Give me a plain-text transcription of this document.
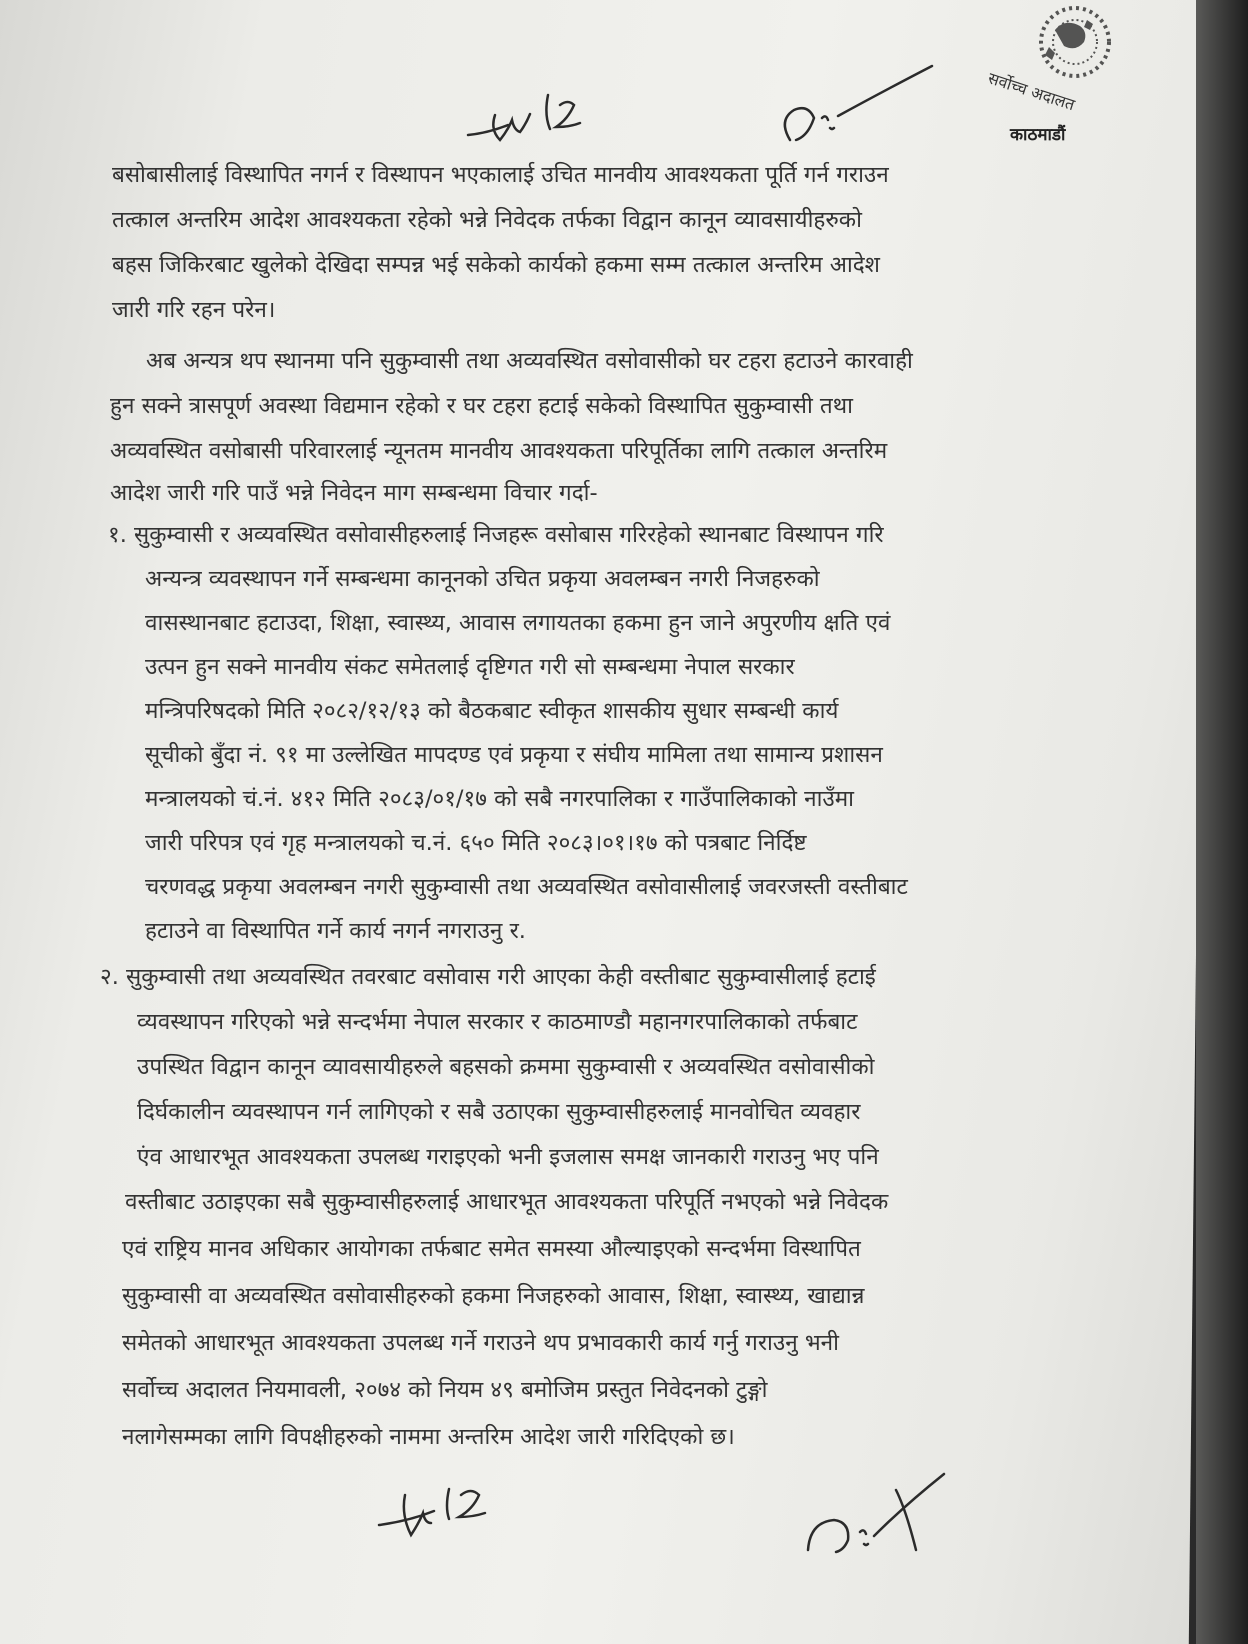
सर्वोच्च अदालत
काठमाडौं
बसोबासीलाई विस्थापित नगर्न र विस्थापन भएकालाई उचित मानवीय आवश्यकता पूर्ति गर्न गराउन
तत्काल अन्तरिम आदेश आवश्यकता रहेको भन्ने निवेदक तर्फका विद्वान कानून व्यावसायीहरुको
बहस जिकिरबाट खुलेको देखिदा सम्पन्न भई सकेको कार्यको हकमा सम्म तत्काल अन्तरिम आदेश
जारी गरि रहन परेन।
अब अन्यत्र थप स्थानमा पनि सुकुम्वासी तथा अव्यवस्थित वसोवासीको घर टहरा हटाउने कारवाही
हुन सक्ने त्रासपूर्ण अवस्था विद्यमान रहेको र घर टहरा हटाई सकेको विस्थापित सुकुम्वासी तथा
अव्यवस्थित वसोबासी परिवारलाई न्यूनतम मानवीय आवश्यकता परिपूर्तिका लागि तत्काल अन्तरिम
आदेश जारी गरि पाउँ भन्ने निवेदन माग सम्बन्धमा विचार गर्दा-
१. सुकुम्वासी र अव्यवस्थित वसोवासीहरुलाई निजहरू वसोबास गरिरहेको स्थानबाट विस्थापन गरि
अन्यन्त्र व्यवस्थापन गर्ने सम्बन्धमा कानूनको उचित प्रकृया अवलम्बन नगरी निजहरुको
वासस्थानबाट हटाउदा, शिक्षा, स्वास्थ्य, आवास लगायतका हकमा हुन जाने अपुरणीय क्षति एवं
उत्पन हुन सक्ने मानवीय संकट समेतलाई दृष्टिगत गरी सो सम्बन्धमा नेपाल सरकार
मन्त्रिपरिषदको मिति २०८२/१२/१३ को बैठकबाट स्वीकृत शासकीय सुधार सम्बन्धी कार्य
सूचीको बुँदा नं. ९१ मा उल्लेखित मापदण्ड एवं प्रकृया र संघीय मामिला तथा सामान्य प्रशासन
मन्त्रालयको चं.नं. ४१२ मिति २०८३/०१/१७ को सबै नगरपालिका र गाउँपालिकाको नाउँमा
जारी परिपत्र एवं गृह मन्त्रालयको च.नं. ६५० मिति २०८३।०१।१७ को पत्रबाट निर्दिष्ट
चरणवद्ध प्रकृया अवलम्बन नगरी सुकुम्वासी तथा अव्यवस्थित वसोवासीलाई जवरजस्ती वस्तीबाट
हटाउने वा विस्थापित गर्ने कार्य नगर्न नगराउनु र.
२. सुकुम्वासी तथा अव्यवस्थित तवरबाट वसोवास गरी आएका केही वस्तीबाट सुकुम्वासीलाई हटाई
व्यवस्थापन गरिएको भन्ने सन्दर्भमा नेपाल सरकार र काठमाण्डौ महानगरपालिकाको तर्फबाट
उपस्थित विद्वान कानून व्यावसायीहरुले बहसको क्रममा सुकुम्वासी र अव्यवस्थित वसोवासीको
दिर्घकालीन व्यवस्थापन गर्न लागिएको र सबै उठाएका सुकुम्वासीहरुलाई मानवोचित व्यवहार
एंव आधारभूत आवश्यकता उपलब्ध गराइएको भनी इजलास समक्ष जानकारी गराउनु भए पनि
वस्तीबाट उठाइएका सबै सुकुम्वासीहरुलाई आधारभूत आवश्यकता परिपूर्ति नभएको भन्ने निवेदक
एवं राष्ट्रिय मानव अधिकार आयोगका तर्फबाट समेत समस्या औल्याइएको सन्दर्भमा विस्थापित
सुकुम्वासी वा अव्यवस्थित वसोवासीहरुको हकमा निजहरुको आवास, शिक्षा, स्वास्थ्य, खाद्यान्न
समेतको आधारभूत आवश्यकता उपलब्ध गर्ने गराउने थप प्रभावकारी कार्य गर्नु गराउनु भनी
सर्वोच्च अदालत नियमावली, २०७४ को नियम ४९ बमोजिम प्रस्तुत निवेदनको टुङ्गो
नलागेसम्मका लागि विपक्षीहरुको नाममा अन्तरिम आदेश जारी गरिदिएको छ।
